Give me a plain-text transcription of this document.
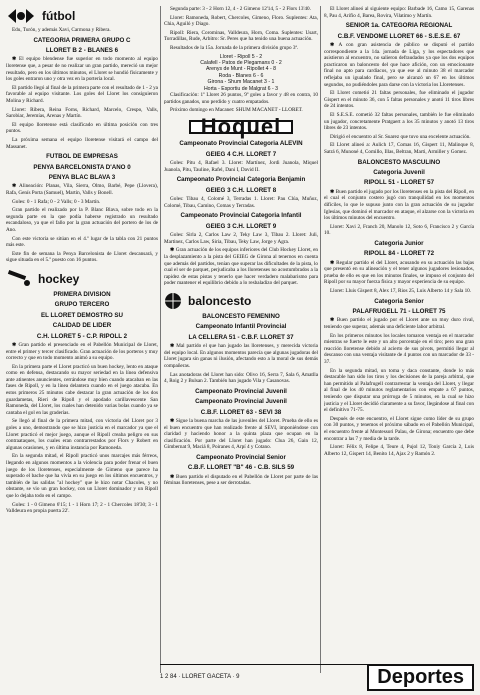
fútbol

Edu, Turón, y además Xavi, Carmona y Ribera.

CATEGORIA PRIMERA GRUPO C
LLORET B 2 - BLANES 6

✱ El equipo blendense fue superior en todo momento al equipo lloretense que, a pesar de no realizar un gran partido, mereció un mejor resultado, pero en los últimos minutos, el Lloret se hundió físicamente y los goles entraron uno y otra vez en la portería local.

El partido llegó al final de la primera parte con el resultado de 1 - 2 ya favorable al equipo visitante. Los goles del Lloret los consiguieron Molina y Richard.

Lloret: Ribera, Reina Forns, Richard, Marcelo, Crespo, Valls, Sarobiar, Jeremías, Arenas y Martín.

El equipo lloretense está clasificado en última posición con tres puntos.

La próxima semana el equipo lloretense visitará el campo del Massanet.

FUTBOL DE EMPRESAS
PENYA BARCELONISTA D'ANO 0
PENYA BLAC BLAVA 3

✱ Alineación: Planas, Vila, Sierra, Olmo, Barbé, Pepe (Llovera), Rafa, Genís Porta (Samuel), Martín, Valls y Bonell.

Goles: 0 - 1 Rafa; 0 - 2 Valls; 0 - 3 Martín.

Gran partido el realizado por la P. Blanc Blava, sobre todo en la segunda parte en la que podía haberse registrado un resultado escandaloso, ya que el fallo por la gran actuación del portero de los de Ano.

Con este victoria se sitúan en el 4.º lugar de la tabla con 21 puntos más este.

Este fin de semana la Penya Barcelonista de Lloret descansará, y sigue situada en el 5.º puesto con 16 puntos.

hockey
PRIMERA DIVISION
GRUPO TERCERO
EL LLORET DEMOSTRO SU
CALIDAD DE LIDER
C.H. LLORET 5 - C.P. RIPOLL 2

✱ Gran partido el presenciado en el Pabellón Municipal de Lloret, entre el primer y tercer clasificado. Gran actuación de los porteros y muy correcto y que en todo momento animó a su equipo.

En la primera parte el Lloret practicó un buen hockey, lento en ataque como en defensa, destacando su mayor seriedad en la línea defensiva ante atinentes anuncientes, cerrándose muy bien cuando atacaban en las fases de Ripoll, y en la línea delantera cuando en el juego atacaba. En estos primeros 25 minutos cabe destacar la gran actuación de los dos guardametas, Rieri de Ripoll y el apodado carillavescente San Ramoneda, del Lloret, los cuales han detenido varias bolas cuando ya se cantaba el gol en las graderías.

Se llegó al final de la primera mitad, con victoria del Lloret por 3 goles a uno, demostrando que se hizo justicia en el marcador ya que el Lloret practicó el mejor juego, aunque el Ripoll creaba peligro en sus contraataques, los cuales eran contrarrestados por Flors y Robert en algunas ocasiones, y en última instancia por Ramoneda.

En la segunda mitad, el Ripoll practicó unos marcajes más férreos, llegando en algunos momentos a la violencia para poder frenar el buen juego de los lloretenses, especialmente de Gimeno que parece ha superado el bache que ha vivía en su juego en los últimos encuentros, y también de las salidas "al hockey" que le hizo notar Chacoles, y no obstante, se vio un gran hockey, con un Lloret dominador y un Ripoll que lo dejaba todo en el campo.

Goles: 1 - 0 Gimeno 6'15; 1 - 1 Horn 17; 2 - 1 Chercoles 18'30; 3 - 1 Valldeura en propia puerta 22'.

Segunda parte: 3 - 2 Horn 12, 4 - 2 Gimeno 12'14, 5 - 2 Flors 13'40.

Lloret: Ramoneda, Robert, Chercoles, Gimeno, Floro. Suplentes: Ata, Chia, Aguiló y Diago.

Ripoll: Riera, Corominas, Valldeura, Horn, Coma. Suplentes: Usart, Torradillas, Rude, Arbitro: Sr. Peres que ha tenido una buena actuación.

Resultados de la 15a. Jornada de la primera división grupo 3ª.

Lloret - Ripoll 5 - 2
Calafell - Patos de Plegamans 0 - 2
Arenys de Munt - Ripollet 4 - 8
Roda - Blanes 6 - 6
Girona - Shum Macanet 3 - 1
Horta - Esportiu de Malgrat 6 - 3

Clasificación: 1º Lloret 26 puntos, 9º goles a favor y 48 en contra, 10 partidos ganados, uno perdido y cuatro empatados.

Próximo domingo en Macanet: SHUM MACANET - LLORET.

Hoquei
Campeonato Provincial Categoria ALEVIN
GEIEG 4 C.H. LLORET 7

Goles: Pitu 4, Rafael 3. Lloret: Martínez, Jordi Juanola, Miquel Juanola, Pitu, Tauline, Rafel, Dani I, David II.

Campeonato Provincial Categoria Benjamin
GEIEG 3 C.H. LLORET 8

Goles: Tibau 4, Colomé 3, Terradas 1. Lloret: Pau Clúa, Muñoz, Colomé, Tibau, Camino, Comas y Terradas.

Campeonato Provincial Categoria Infantil
GEIEG 3 C.H. LLORET 9

Goles: Sirla 2, Carlos Law 2, Teky Law 3, Tibau 2. Lloret: Juli, Martinez, Carlos Law, Siria, Tibau, Teky Law, Jorge y Agra.

✱ Gran actuación de los equipos inferiores del Club Hockey Lloret, en la desplazamiento a la pista del GEIEG de Girona al tenernos en cuenta que además del partidos, tenían que superar las dificultades de la pista, lo cual el ser de parquet, perjudicaba a los lloretenses no acostumbrados a la rapidez de estas pistas y tenerlo que hacer verdadero malabarismo para poder mantener el equilibrio debido a lo resbaladizo del parquet.

baloncesto
BALONCESTO FEMENINO
Campeonato Infantil Provincial
LA CELLERA 51 - C.B.F. LLORET 37

✱ Mal partido el que han jugado las lloretenses, y merecida victoria del equipo local. En algunos momentos parecía que algunas jugadoras del Lloret jugara sin ganas ni ilusión, afectando esto a la moral de sus demás compañeras.

Las anotadoras del Lloret han sido: Olivo 16, Serra 7, Sala 6, Amatlla 4, Roig 2 y Bulsan 2. También han jugado Vila y Casanovas.

Campeonato Provincial Juvenil
Campeonato Provincial Juvenil
C.B.F. LLORET 63 - SEVI 38

✱ Sigue la buena marcha de las juveniles del Lloret. Prueba de ello es el buen encuentro que han realizado frente al SEVI, imponiéndose con claridad y haciendo honor a la quinta plaza que ocupan en la clasificación. Por parte del Lloret han jugado: Clua 26, Gain 12, Gimbernat 9, Maciá 8, Poiranes 4, Arpí 4 y Cotano.

Campeonato Provincial Senior
C.B.F. LLORET "B" 46 - C.B. SILS 59

✱ Buen partido el disputado en el Pabellón de Lloret por parte de las féminas lloretenses, pese a ser derrotadas.

El Lloret alineó al siguiente equipo: Barbade 16, Camo 15, Garenas 8, Pau 4, Arifio 4, Barea, Rovira, Vilatimo y Martín.

SENIOR 1a. CATEGORIA REGIONAL
C.B.F. VENDOME LLORET 66 - S.E.S.E. 67

✱ A con gran asistencia de público se disputó el partido correspondiente a la 14a. jornada de Liga, y los espectadores que asistieron al encuentro, no salieron defraudados ya que los dos equipos practicaron un baloncesto del que hace afición, con un emocionante final no apto para cardíacos, ya que ese al minuto 38 el marcador reflejaba un igualado final, pero se alcanzó un 67 en los últimos segundos, no pudiéndoles para darse con la victoria los Lloretenses.

El Lloret cometió 21 faltas personales, fue eliminado el jugador Gispert en el minuto 36, con 5 faltas personales y anotó 11 tiros libres de 24 intentos.

El S.E.S.E. cometió 32 faltas personales, también le fue eliminado un jugador, concretamente Pratgaert a los 35 minutos y anotó 13 tiros libres de 23 intentos.

Dirigió el encuentro al Sr. Suarez que tuvo una excelente actuación.

El Lloret alineó a: Aulich 17, Comas 16, Gispert 11, Malinque 8, Satrá 6, Munoné 4, Comillo, Illas, Beltran, Marti, Armiller y Gomez.

BALONCESTO MASCULINO
Categoria Juvenil
RIPOLL 51 - LLORET 57

✱ Buen partido el jugado por los lloretenses en la pista del Ripoll, en el cual el conjunto costero jugó con tranquilidad en los momentos difíciles, lo que le supuso junto con la gran actuación de su jugador Iglesias, que dominó el marcador en ataque, el alzarse con la victoria en los últimos minutos del encuentro.

Lloret: Xavi 2, Franch 20, Manolo 12, Soto 6, Francisco 2 y García 10.

Categoria Junior
RIPOLL 84 - LLORET 72

✱ Regular partido el del Lloret, acusando en su actuación las bajas que presentó en su alineación y el tener algunos jugadores lesionados, prueba de ello es que en los minutos finales, se impuso el conjunto del Ripoll por su mayor fuerza física y mayor experiencia de su equipo.

Lloret: Lluis Gispert 8, Alex 17, Rios 25, Luis Alberto 14 y Sala 10.

Categoria Senior
PALAFRUGELL 71 - LLORET 75

✱ Buen partido el jugado por el Lloret ante un muy duro rival, teniendo que superar, además una deficiente labor arbitral.

En los primeros minutos los locales tomaron ventaja en el marcador mientras se fuerte le este y un alto porcentaje en el tiro; pero una gran reacción lloretense debido al acierto de sus pivots, permitió llegar al descanso con una ventaja visitante de 4 puntos con un marcador de 33 - 37.

En la segunda mitad, un toma y daca constante, donde lo más destacable han sido los tiros y los decisiones de la pareja arbitral, que han permitido al Palafrugell contrarrestar la ventaja del Lloret, y llegar al final de los 40 minutos reglamentarios con empate a 67 puntos, teniendo que disputar una prórroga de 5 minutos, en la cual se hizo justicia y el Lloret decidió claramente a su favor, llegándose al final con el definitivo 71-75.

Después de este encuentro, el Lloret sigue como líder de su grupo con 30 puntos, y tenemos el próximo sábado en el Pabellón Municipal, el encuentro frente al Montessori Palau, de Girona; encuentro que debe encontrar a las 7 y media de la tarde.

Lloret: Félix 8, Felipe 4, Teure 4, Pujol 12, Toniy García 2, Luis Alberto 12, Gispert 14, Benito 14, Ajax 2 y Ramón 2.

1 2 84 · LLORET GACETA · 9	Deportes
